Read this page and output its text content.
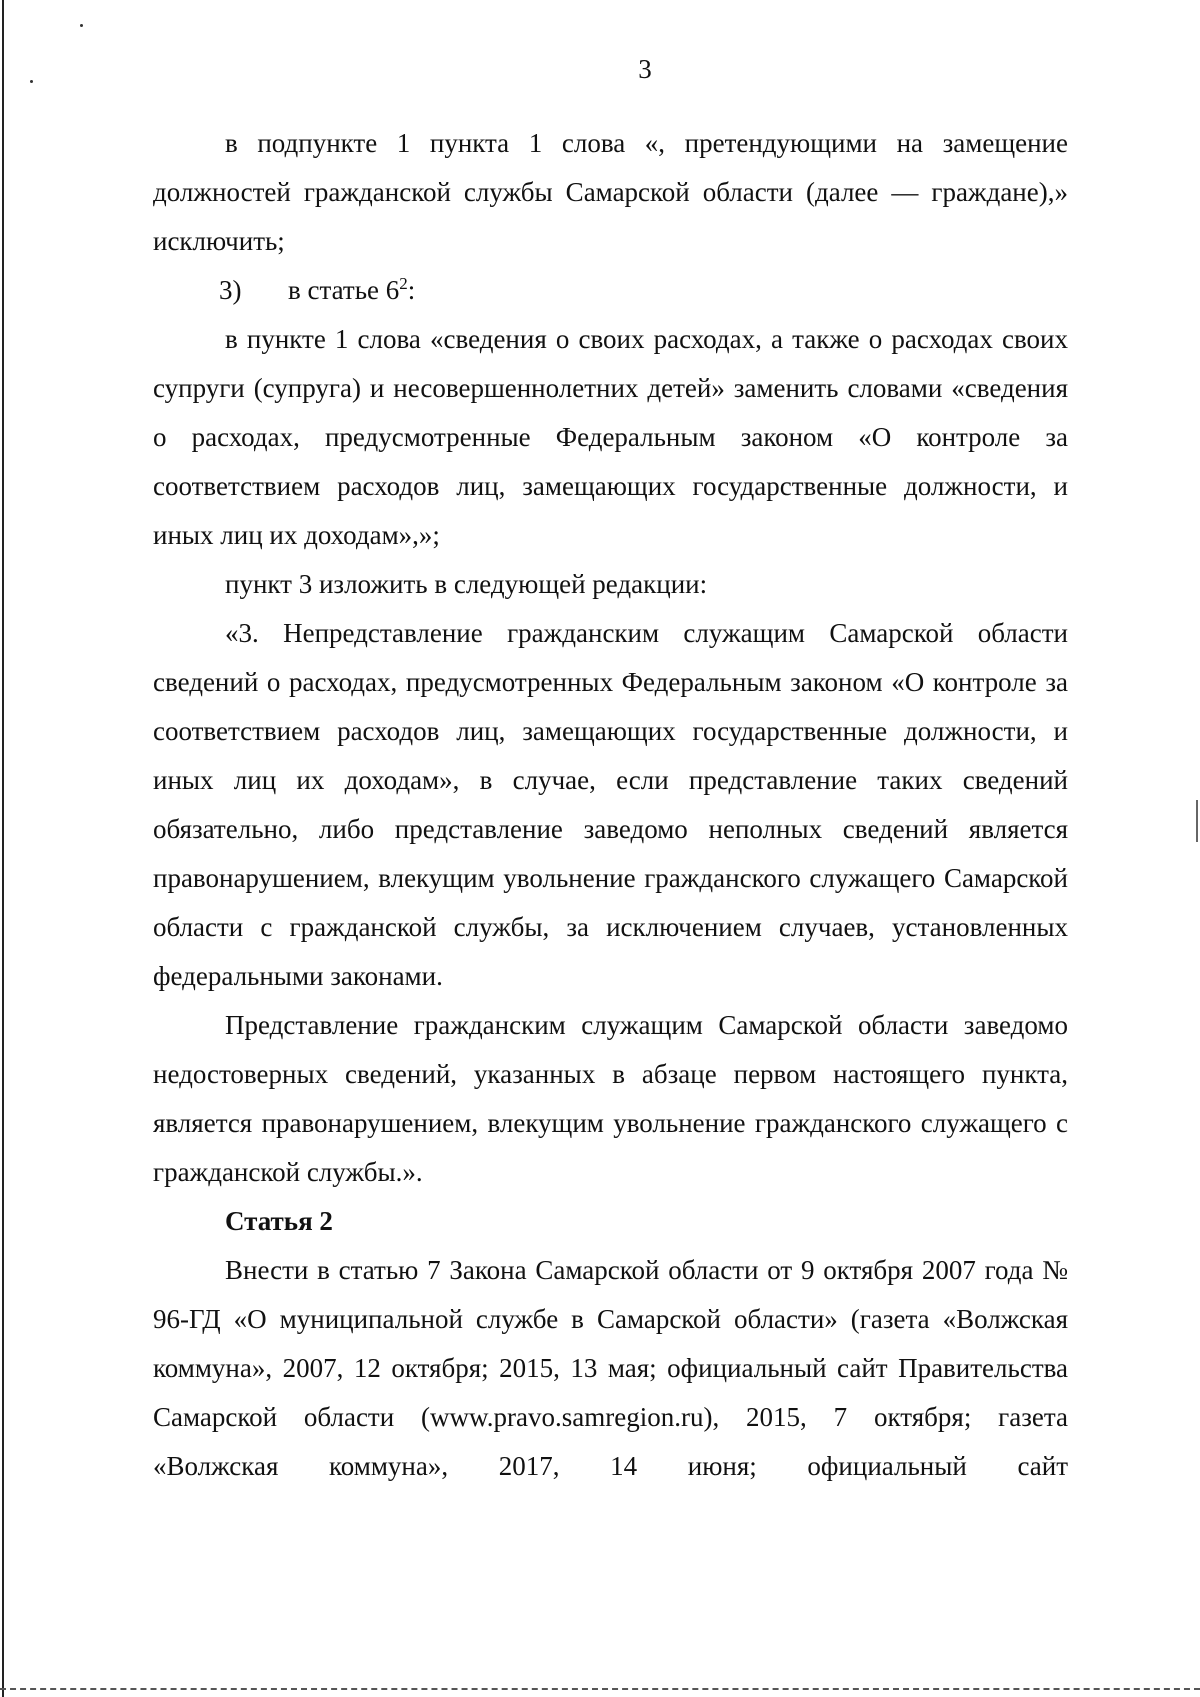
3

в подпункте 1 пункта 1 слова «, претендующими на замещение должностей гражданской службы Самарской области (далее — граждане),» исключить;

3) в статье $6^2$:

в пункте 1 слова «сведения о своих расходах, а также о расходах своих супруги (супруга) и несовершеннолетних детей» заменить словами «сведения о расходах, предусмотренные Федеральным законом «О контроле за соответствием расходов лиц, замещающих государственные должности, и иных лиц их доходам»,»;

пункт 3 изложить в следующей редакции:

«3. Непредставление гражданским служащим Самарской области сведений о расходах, предусмотренных Федеральным законом «О контроле за соответствием расходов лиц, замещающих государственные должности, и иных лиц их доходам», в случае, если представление таких сведений обязательно, либо представление заведомо неполных сведений является правонарушением, влекущим увольнение гражданского служащего Самарской области с гражданской службы, за исключением случаев, установленных федеральными законами.

Представление гражданским служащим Самарской области заведомо недостоверных сведений, указанных в абзаце первом настоящего пункта, является правонарушением, влекущим увольнение гражданского служащего с гражданской службы.».

Статья 2

Внести в статью 7 Закона Самарской области от 9 октября 2007 года № 96-ГД «О муниципальной службе в Самарской области» (газета «Волжская коммуна», 2007, 12 октября; 2015, 13 мая; официальный сайт Правительства Самарской области (www.pravo.samregion.ru), 2015, 7 октября; газета «Волжская коммуна», 2017, 14 июня; официальный сайт
